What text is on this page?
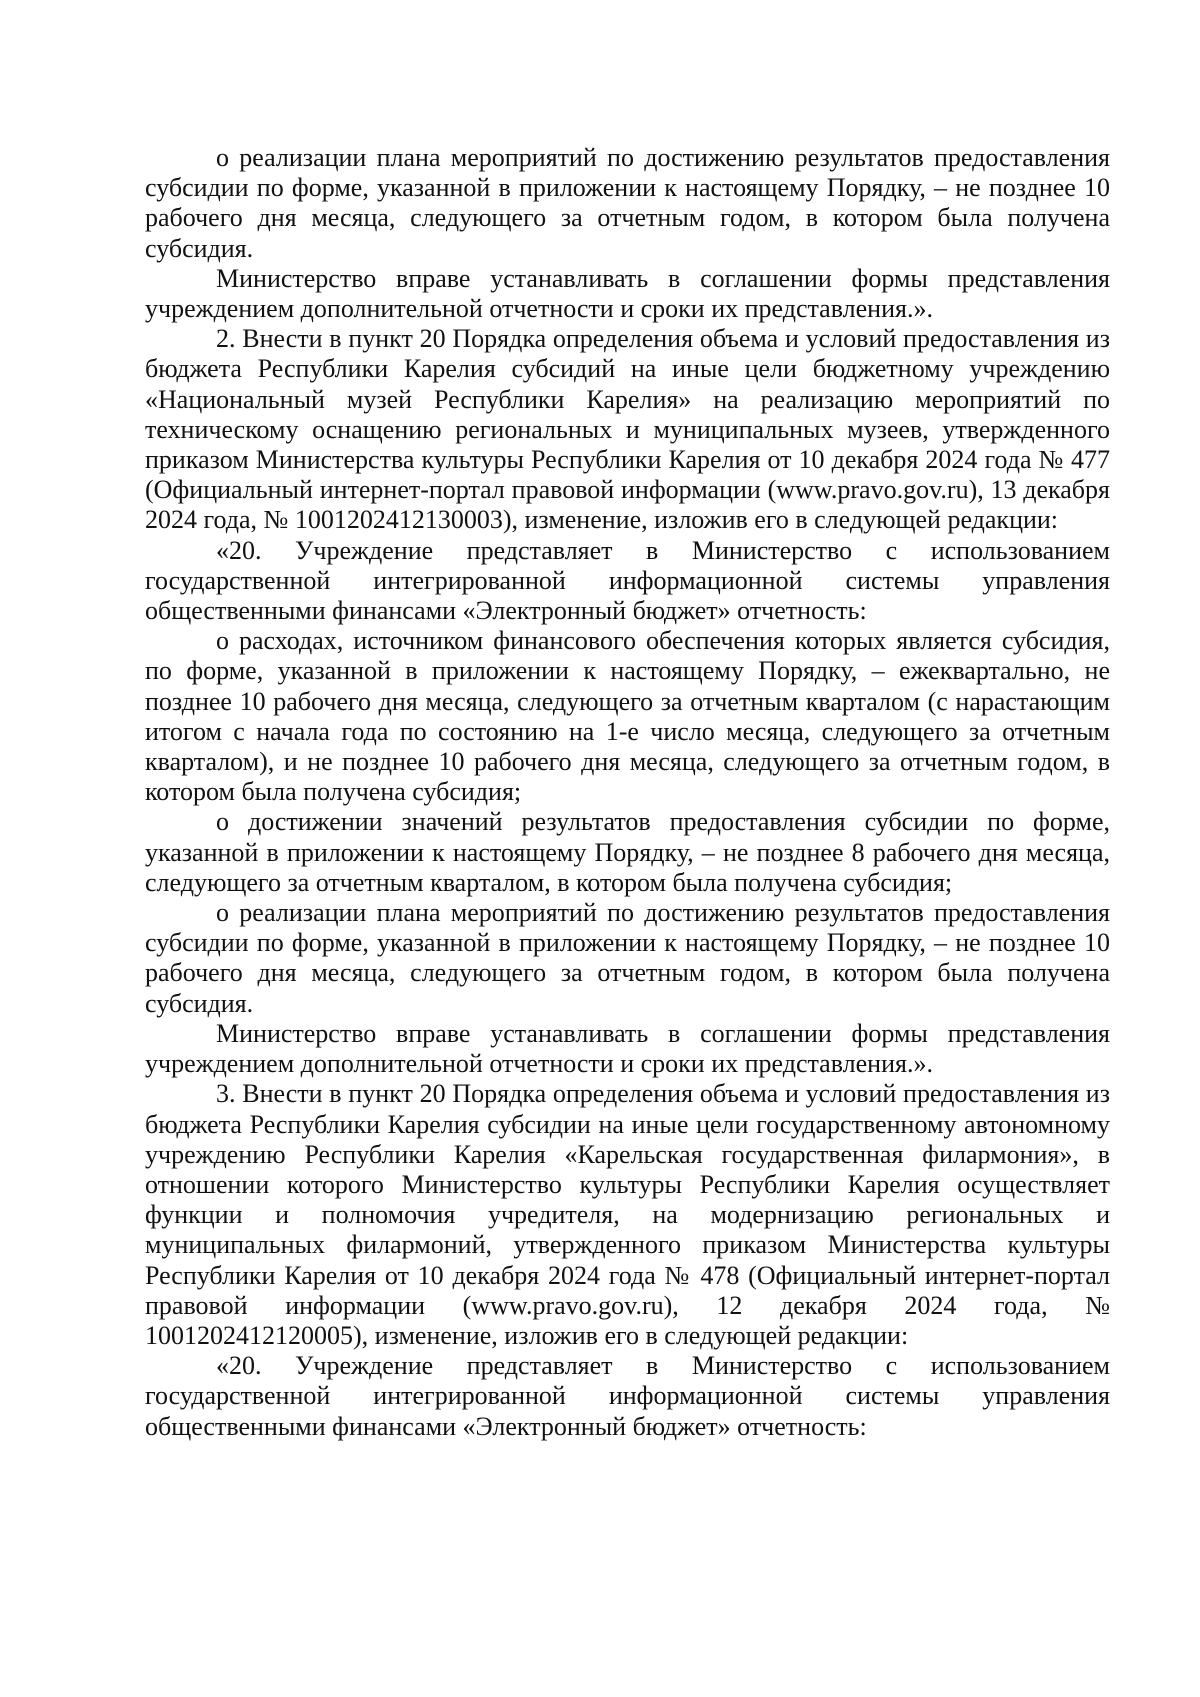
о реализации плана мероприятий по достижению результатов предоставления субсидии по форме, указанной в приложении к настоящему Порядку, – не позднее 10 рабочего дня месяца, следующего за отчетным годом, в котором была получена субсидия.

Министерство вправе устанавливать в соглашении формы представления учреждением дополнительной отчетности и сроки их представления.».

2. Внести в пункт 20 Порядка определения объема и условий предоставления из бюджета Республики Карелия субсидий на иные цели бюджетному учреждению «Национальный музей Республики Карелия» на реализацию мероприятий по техническому оснащению региональных и муниципальных музеев, утвержденного приказом Министерства культуры Республики Карелия от 10 декабря 2024 года № 477 (Официальный интернет-портал правовой информации (www.pravo.gov.ru), 13 декабря 2024 года, № 1001202412130003), изменение, изложив его в следующей редакции:

«20. Учреждение представляет в Министерство с использованием государственной интегрированной информационной системы управления общественными финансами «Электронный бюджет» отчетность:

о расходах, источником финансового обеспечения которых является субсидия, по форме, указанной в приложении к настоящему Порядку, – ежеквартально, не позднее 10 рабочего дня месяца, следующего за отчетным кварталом (с нарастающим итогом с начала года по состоянию на 1-е число месяца, следующего за отчетным кварталом), и не позднее 10 рабочего дня месяца, следующего за отчетным годом, в котором была получена субсидия;

о достижении значений результатов предоставления субсидии по форме, указанной в приложении к настоящему Порядку, – не позднее 8 рабочего дня месяца, следующего за отчетным кварталом, в котором была получена субсидия;

о реализации плана мероприятий по достижению результатов предоставления субсидии по форме, указанной в приложении к настоящему Порядку, – не позднее 10 рабочего дня месяца, следующего за отчетным годом, в котором была получена субсидия.

Министерство вправе устанавливать в соглашении формы представления учреждением дополнительной отчетности и сроки их представления.».

3. Внести в пункт 20 Порядка определения объема и условий предоставления из бюджета Республики Карелия субсидии на иные цели государственному автономному учреждению Республики Карелия «Карельская государственная филармония», в отношении которого Министерство культуры Республики Карелия осуществляет функции и полномочия учредителя, на модернизацию региональных и муниципальных филармоний, утвержденного приказом Министерства культуры Республики Карелия от 10 декабря 2024 года № 478 (Официальный интернет-портал правовой информации (www.pravo.gov.ru), 12 декабря 2024 года, № 1001202412120005), изменение, изложив его в следующей редакции:

«20. Учреждение представляет в Министерство с использованием государственной интегрированной информационной системы управления общественными финансами «Электронный бюджет» отчетность:
